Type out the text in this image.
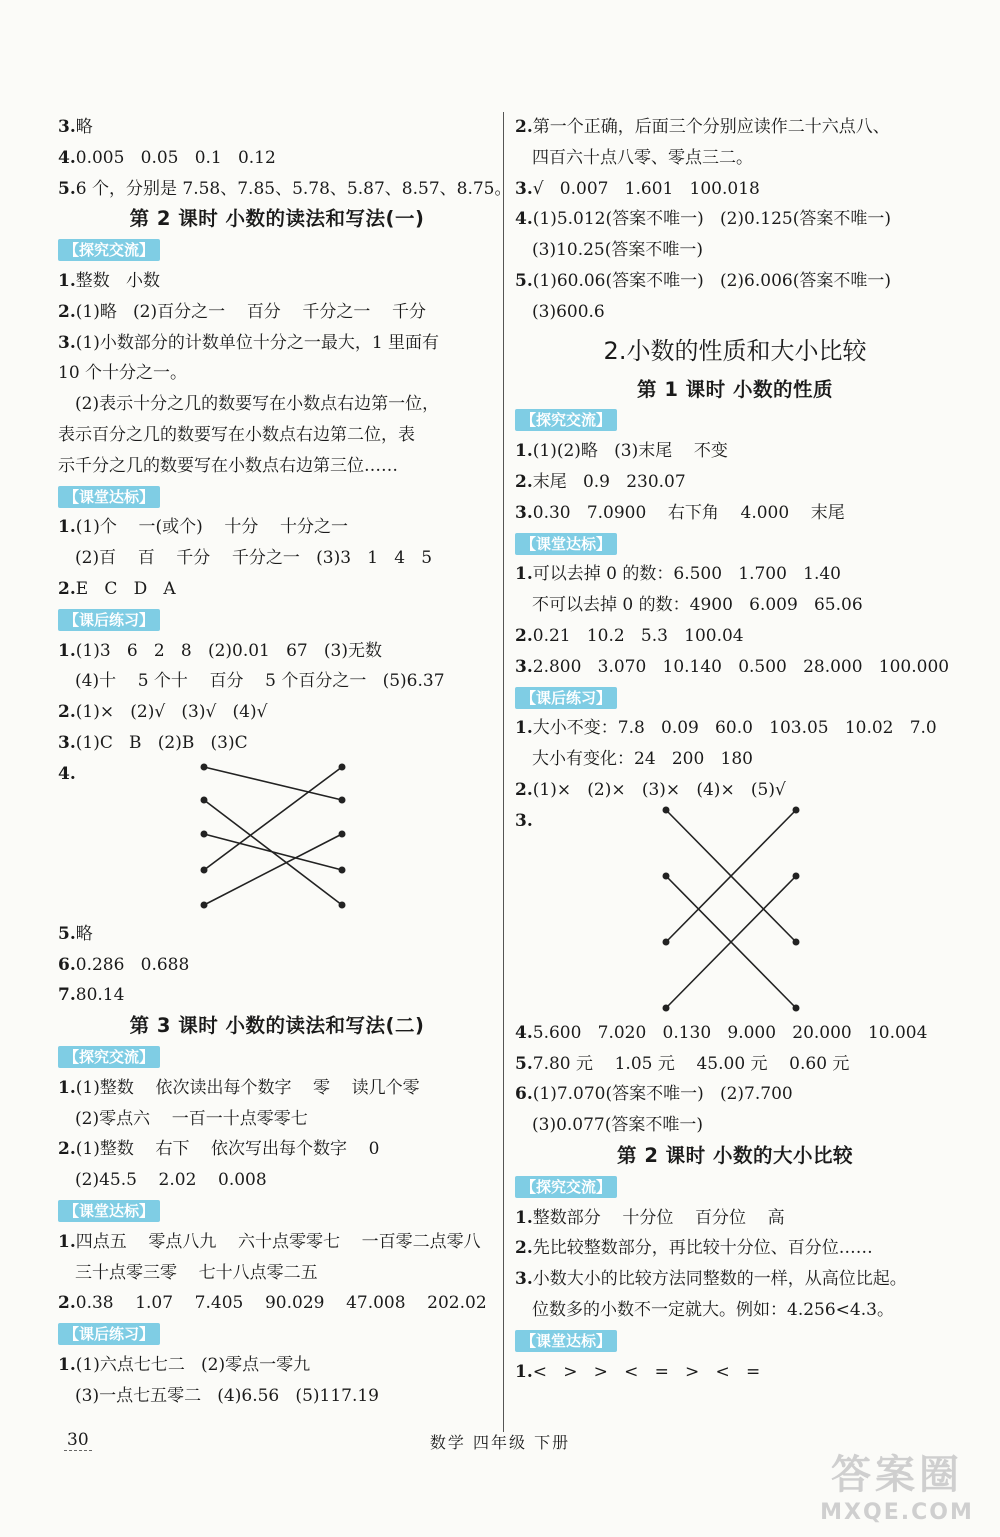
3.略
4.0.005   0.05   0.1   0.12
5.6 个，分别是 7.58、7.85、5.78、5.87、8.57、8.75。
第 2 课时 小数的读法和写法(一)
【探究交流】
1.整数   小数
2.(1)略   (2)百分之一    百分    千分之一    千分
3.(1)小数部分的计数单位十分之一最大，1 里面有
10 个十分之一。
(2)表示十分之几的数要写在小数点右边第一位，
表示百分之几的数要写在小数点右边第二位，表
示千分之几的数要写在小数点右边第三位……
【课堂达标】
1.(1)个    一(或个)    十分    十分之一
(2)百    百    千分    千分之一   (3)3   1   4   5
2.E   C   D   A
【课后练习】
1.(1)3   6   2   8   (2)0.01   67   (3)无数
(4)十    5 个十    百分    5 个百分之一   (5)6.37
2.(1)×   (2)√   (3)√   (4)√
3.(1)C   B   (2)B   (3)C
4.
5.略
6.0.286   0.688
7.80.14
第 3 课时 小数的读法和写法(二)
【探究交流】
1.(1)整数    依次读出每个数字    零    读几个零
(2)零点六    一百一十点零零七
2.(1)整数    右下    依次写出每个数字    0
(2)45.5    2.02    0.008
【课堂达标】
1.四点五    零点八九    六十点零零七    一百零二点零八
三十点零三零    七十八点零二五
2.0.38    1.07    7.405    90.029    47.008    202.02
【课后练习】
1.(1)六点七七二   (2)零点一零九
(3)一点七五零二   (4)6.56   (5)117.19
2.第一个正确，后面三个分别应读作二十六点八、
四百六十点八零、零点三二。
3.√   0.007   1.601   100.018
4.(1)5.012(答案不唯一)   (2)0.125(答案不唯一)
(3)10.25(答案不唯一)
5.(1)60.06(答案不唯一)   (2)6.006(答案不唯一)
(3)600.6
2.小数的性质和大小比较
第 1 课时 小数的性质
【探究交流】
1.(1)(2)略   (3)末尾    不变
2.末尾   0.9   230.07
3.0.30   7.0900    右下角    4.000    末尾
【课堂达标】
1.可以去掉 0 的数：6.500   1.700   1.40
不可以去掉 0 的数：4900   6.009   65.06
2.0.21   10.2   5.3   100.04
3.2.800   3.070   10.140   0.500   28.000   100.000
【课后练习】
1.大小不变：7.8   0.09   60.0   103.05   10.02   7.0
大小有变化：24   200   180
2.(1)×   (2)×   (3)×   (4)×   (5)√
3.
4.5.600   7.020   0.130   9.000   20.000   10.004
5.7.80 元    1.05 元    45.00 元    0.60 元
6.(1)7.070(答案不唯一)   (2)7.700
(3)0.077(答案不唯一)
第 2 课时 小数的大小比较
【探究交流】
1.整数部分    十分位    百分位    高
2.先比较整数部分，再比较十分位、百分位……
3.小数大小的比较方法同整数的一样，从高位比起。
位数多的小数不一定就大。例如：4.256<4.3。
【课堂达标】
1.<   >   >   <   =   >   <   =
30	数学 四年级 下册
答案圈
MXQE.COM
